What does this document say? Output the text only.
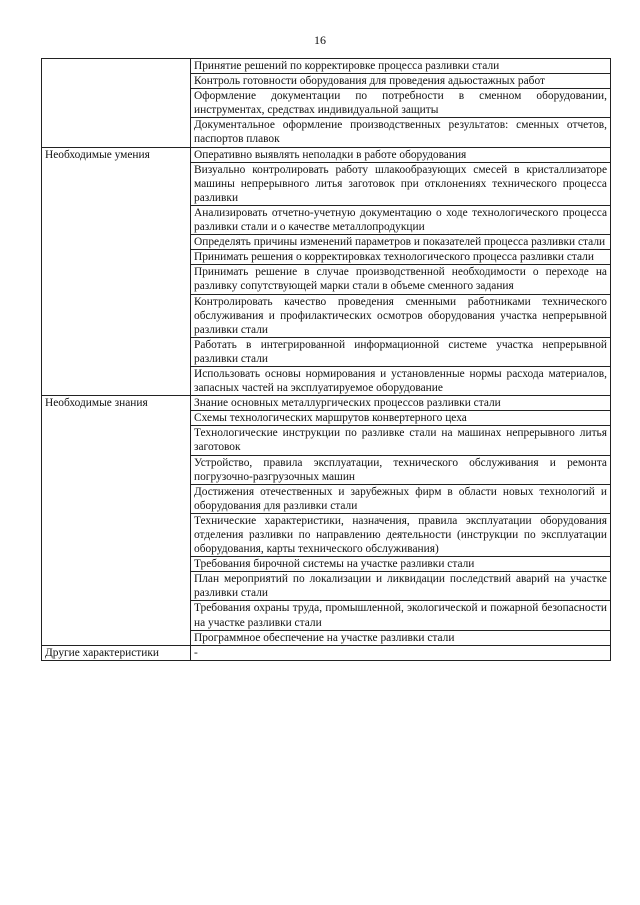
16
	Принятие решений по корректировке процесса разливки стали
	Контроль готовности оборудования для проведения адьюстажных работ
	Оформление документации по потребности в сменном оборудовании, инструментах, средствах индивидуальной защиты
	Документальное оформление производственных результатов: сменных отчетов, паспортов плавок
Необходимые умения	Оперативно выявлять неполадки в работе оборудования
	Визуально контролировать работу шлакообразующих смесей в кристаллизаторе машины непрерывного литья заготовок при отклонениях технического процесса разливки
	Анализировать отчетно-учетную документацию о ходе технологического процесса разливки стали и о качестве металлопродукции
	Определять причины изменений параметров и показателей процесса разливки стали
	Принимать решения о корректировках технологического процесса разливки стали
	Принимать решение в случае производственной необходимости о переходе на разливку сопутствующей марки стали в объеме сменного задания
	Контролировать качество проведения сменными работниками технического обслуживания и профилактических осмотров оборудования участка непрерывной разливки стали
	Работать в интегрированной информационной системе участка непрерывной разливки стали
	Использовать основы нормирования и установленные нормы расхода материалов, запасных частей на эксплуатируемое оборудование
Необходимые знания	Знание основных металлургических процессов разливки стали
	Схемы технологических маршрутов конвертерного цеха
	Технологические инструкции по разливке стали на машинах непрерывного литья заготовок
	Устройство, правила эксплуатации, технического обслуживания и ремонта погрузочно-разгрузочных машин
	Достижения отечественных и зарубежных фирм в области новых технологий и оборудования для разливки стали
	Технические характеристики, назначения, правила эксплуатации оборудования отделения разливки по направлению деятельности (инструкции по эксплуатации оборудования, карты технического обслуживания)
	Требования бирочной системы на участке разливки стали
	План мероприятий по локализации и ликвидации последствий аварий на участке разливки стали
	Требования охраны труда, промышленной, экологической и пожарной безопасности на участке разливки стали
	Программное обеспечение на участке разливки стали
Другие характеристики	-
